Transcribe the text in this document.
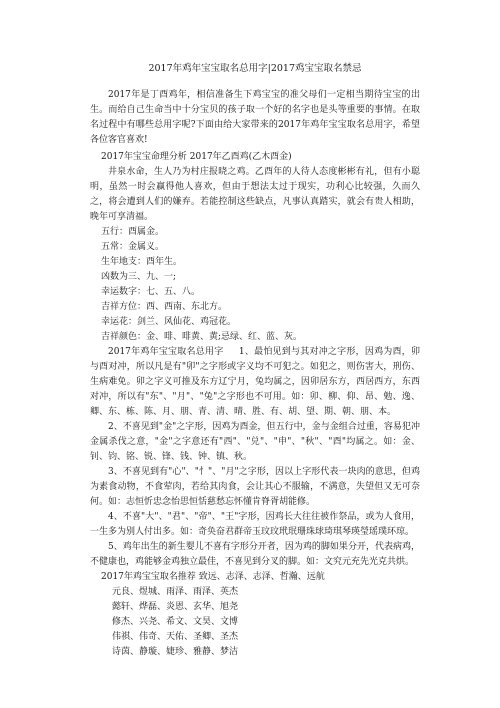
2017年鸡年宝宝取名总用字|2017鸡宝宝取名禁忌

2017年是丁酉鸡年，相信准备生下鸡宝宝的准父母们一定相当期待宝宝的出生。而给自己生命当中十分宝贝的孩子取一个好的名字也是头等重要的事情。在取名过程中有哪些总用字呢?下面由给大家带来的2017年鸡年宝宝取名总用字，希望各位客官喜欢!

2017年宝宝命理分析 2017年乙酉鸡(乙木酉金)

井泉水命，生人乃为村庄报晓之鸡。乙酉年的人待人态度彬彬有礼，但有小聪明，虽然一时会赢得他人喜欢，但由于想法太过于现实，功利心比较强，久而久之，将会遭到人们的嫌弃。若能控制这些缺点，凡事认真踏实，就会有贵人相助，晚年可享清福。

五行：酉属金。

五常：金属义。

生年地支：酉年生。

凶数为三、九、一;

幸运数字：七、五、八。

吉祥方位：西、西南、东北方。

幸运花：剑兰、风仙花、鸡冠花。

吉祥颜色：金、啡、啡黄、黄;忌绿、红、蓝、灰。

2017年鸡年宝宝取名总用字 1、最怕见到与其对冲之字形，因鸡为酉，卯与酉对冲，所以凡是有"卯"之字形或字义均不可犯之。如犯之，则伤害大，刑伤、生病难免。卯之字义可推及东方辽宁月，兔均属之，因卯居东方，西居西方，东西对冲，所以有"东"、"月"、"兔"之字形也不可用。如：卯、柳、仰、昂、勉、逸、卿、东、栋、陈、月、朋、青、清、晴、胜、有、胡、望、期、朝、朋、本。

2、不喜见到"金"之字形，因鸡为酉金，但五行中，金与金组合过重，容易犯冲金属杀伐之意，"金"之字意还有"西"、"兑"、"申"、"秋"、"酉"均属之。如：金、钊、钧、铭、锐、锋、钱、钟、镇、秋。

3、不喜见到有"心"、"忄"、"月"之字形，因以上字形代表一块肉的意思，但鸡为素食动物，不食荤肉，若给其肉食，会让其心不服输，不满意，失望但又无可奈何。如：志恒忻忠念怡思恒恬慈愁忘怀懂肯脊胥胡能修。

4、不喜"大"、"君"、"帝"、"王"字形，因鸡长大往往被作祭品，或为人食用，一生多为别人付出多。如：奇奂奋君群帝玉玟玟玳珉珊珠球琦琪琴瑛瑩瑶璞环琼。

5、鸡年出生的新生婴儿不喜有字形分开者，因为鸡的脚如果分开，代表病鸡，不健康也，鸡能够金鸡独立最佳，不喜见到分叉的脚。如：文究元充先光克共烘。

2017年鸡宝宝取名推荐 致远、志泽、志泽、哲瀚、远航

元良、煜城、雨泽、雨泽、英杰

懿轩、烨磊、炎恩、玄华、旭尧

修杰、兴尧、希文、文昊、文博

伟祺、伟奇、天佑、圣卿、圣杰

诗茵、静璇、婕珍、雅静、梦洁
